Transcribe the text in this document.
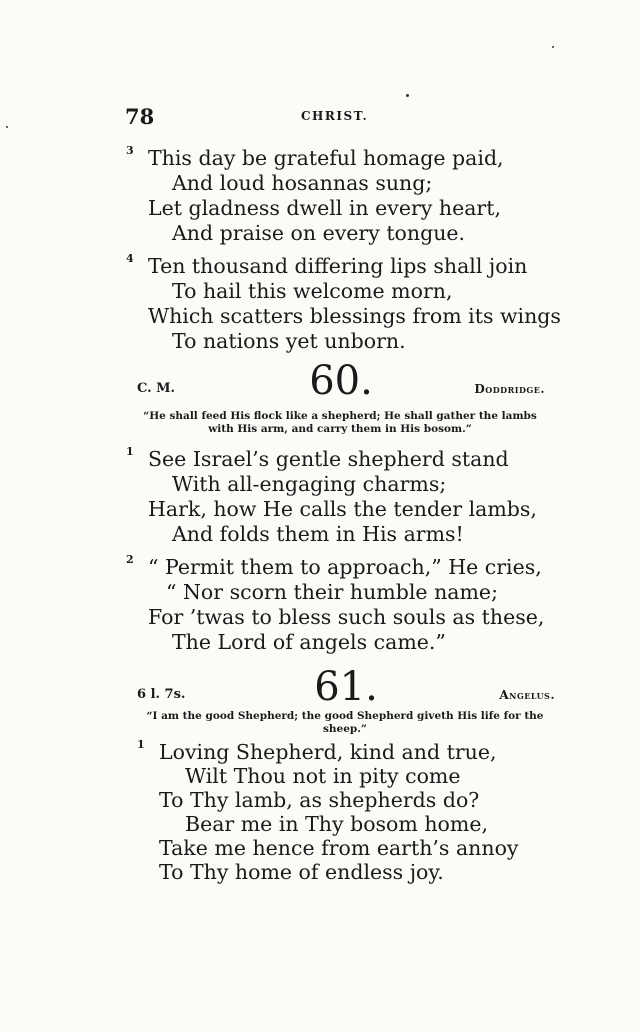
78	CHRIST.
3 This day be grateful homage paid,
And loud hosannas sung;
Let gladness dwell in every heart,
And praise on every tongue.
4 Ten thousand differing lips shall join
To hail this welcome morn,
Which scatters blessings from its wings
To nations yet unborn.
C. M.	60.	Doddridge.
“He shall feed His flock like a shepherd; He shall gather the lambs
with His arm, and carry them in His bosom.”
1 See Israel’s gentle shepherd stand
With all-engaging charms;
Hark, how He calls the tender lambs,
And folds them in His arms!
2 “ Permit them to approach,” He cries,
“ Nor scorn their humble name;
For ’twas to bless such souls as these,
The Lord of angels came.”
6 l. 7s.	61.	Angelus.
“I am the good Shepherd; the good Shepherd giveth His life for the
sheep.”
1 Loving Shepherd, kind and true,
Wilt Thou not in pity come
To Thy lamb, as shepherds do?
Bear me in Thy bosom home,
Take me hence from earth’s annoy
To Thy home of endless joy.
